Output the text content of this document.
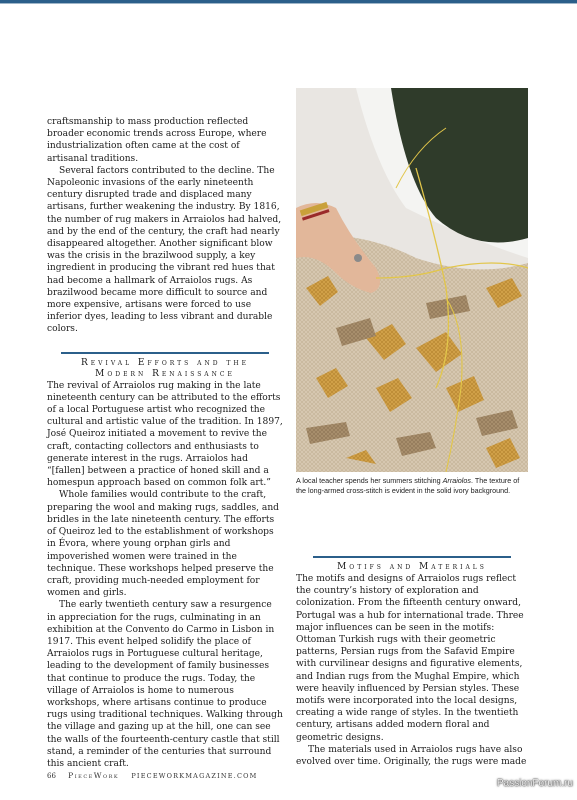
craftsmanship to mass production reflected broader economic trends across Europe, where industrialization often came at the cost of artisanal traditions.

Several factors contributed to the decline. The Napoleonic invasions of the early nineteenth century disrupted trade and displaced many artisans, further weakening the industry. By 1816, the number of rug makers in Arraiolos had halved, and by the end of the century, the craft had nearly disappeared altogether. Another significant blow was the crisis in the brazilwood supply, a key ingredient in producing the vibrant red hues that had become a hallmark of Arraiolos rugs. As brazilwood became more difficult to source and more expensive, artisans were forced to use inferior dyes, leading to less vibrant and durable colors.

Revival Efforts and the
Modern Renaissance

The revival of Arraiolos rug making in the late nineteenth century can be attributed to the efforts of a local Portuguese artist who recognized the cultural and artistic value of the tradition. In 1897, José Queiroz initiated a movement to revive the craft, contacting collectors and enthusiasts to generate interest in the rugs. Arraiolos had “[fallen] between a practice of honed skill and a homespun approach based on common folk art.”

Whole families would contribute to the craft, preparing the wool and making rugs, saddles, and bridles in the late nineteenth century. The efforts of Queiroz led to the establishment of workshops in Évora, where young orphan girls and impoverished women were trained in the technique. These workshops helped preserve the craft, providing much-needed employment for women and girls.

The early twentieth century saw a resurgence in appreciation for the rugs, culminating in an exhibition at the Convento do Carmo in Lisbon in 1917. This event helped solidify the place of Arraiolos rugs in Portuguese cultural heritage, leading to the development of family businesses that continue to produce the rugs. Today, the village of Arraiolos is home to numerous workshops, where artisans continue to produce rugs using traditional techniques. Walking through the village and gazing up at the hill, one can see the walls of the fourteenth-century castle that still stand, a reminder of the centuries that surround this ancient craft.

A local teacher spends her summers stitching Arraiolos. The texture of the long-armed cross-stitch is evident in the solid ivory background.
Motifs and Materials

The motifs and designs of Arraiolos rugs reflect the country’s history of exploration and colonization. From the fifteenth century onward, Portugal was a hub for international trade. Three major influences can be seen in the motifs: Ottoman Turkish rugs with their geometric patterns, Persian rugs from the Safavid Empire with curvilinear designs and figurative elements, and Indian rugs from the Mughal Empire, which were heavily influenced by Persian styles. These motifs were incorporated into the local designs, creating a wide range of styles. In the twentieth century, artisans added modern floral and geometric designs.

The materials used in Arraiolos rugs have also evolved over time. Originally, the rugs were made

66 PieceWork PIECEWORKMAGAZINE.COM
PassionForum.ru
